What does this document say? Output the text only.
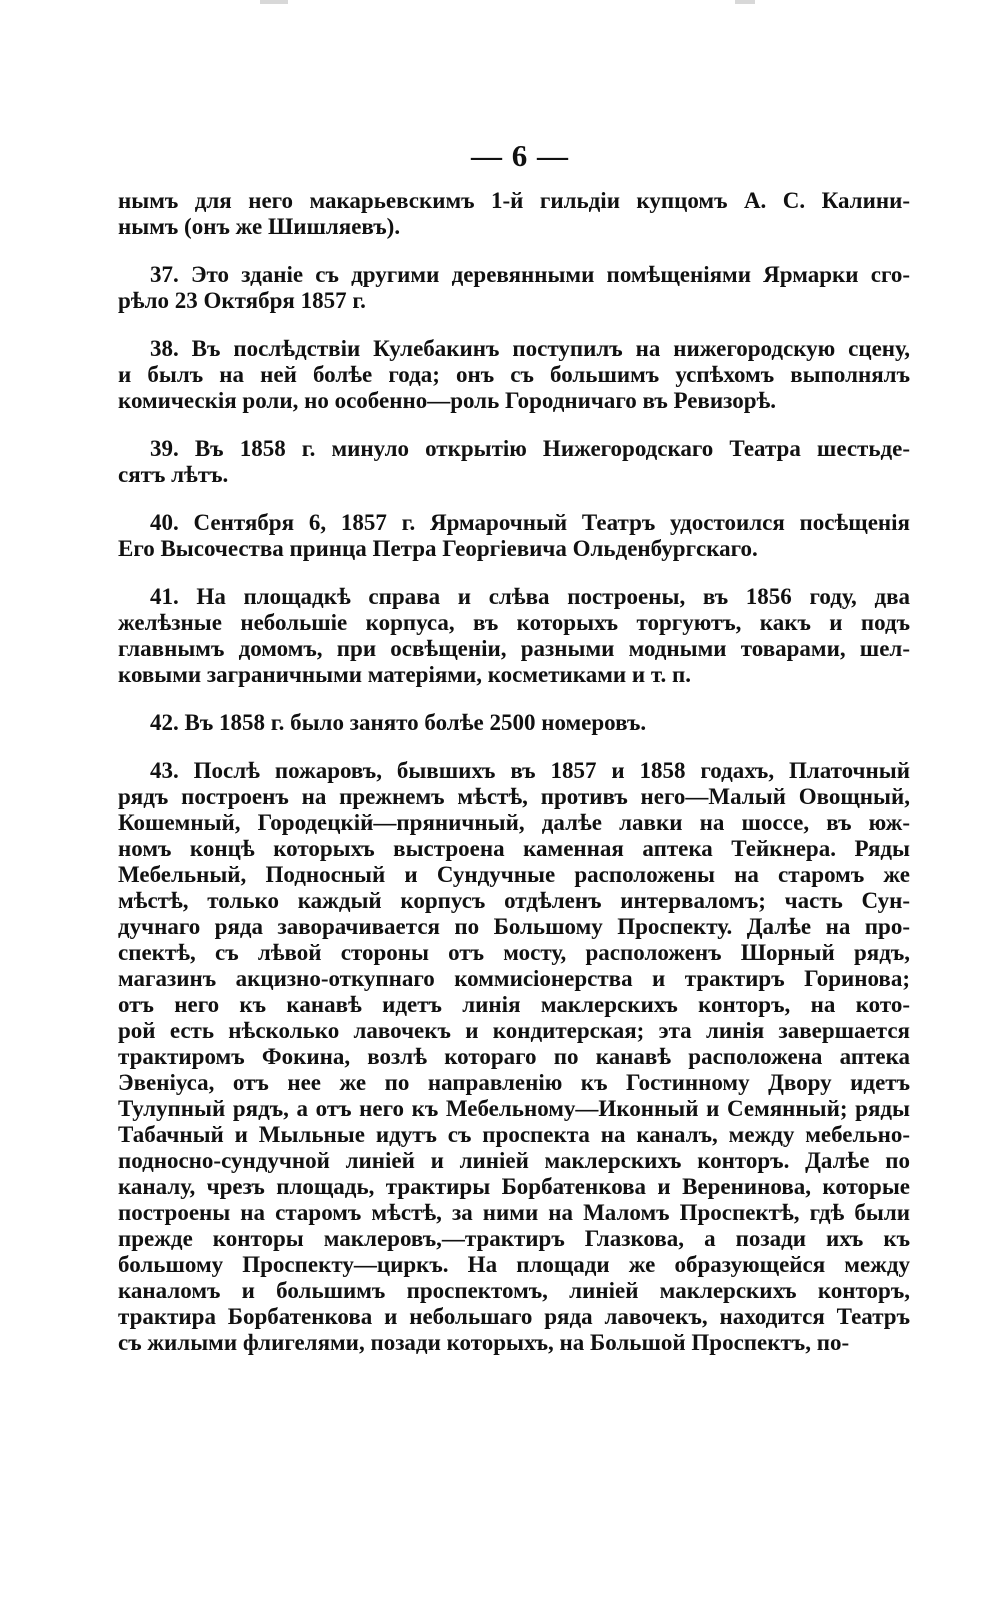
— 6 —
нымъ для него макарьевскимъ 1-й гильдіи купцомъ А. С. Калини-
нымъ (онъ же Шишляевъ).
37. Это зданіе съ другими деревянными помѣщеніями Ярмарки сго-
рѣло 23 Октября 1857 г.
38. Въ послѣдствіи Кулебакинъ поступилъ на нижегородскую сцену,
и былъ на ней болѣе года; онъ съ большимъ успѣхомъ выполнялъ
комическія роли, но особенно—роль Городничаго въ Ревизорѣ.
39. Въ 1858 г. минуло открытію Нижегородскаго Театра шестьде-
сятъ лѣтъ.
40. Сентября 6, 1857 г. Ярмарочный Театръ удостоился посѣщенія
Его Высочества принца Петра Георгіевича Ольденбургскаго.
41. На площадкѣ справа и слѣва построены, въ 1856 году, два
желѣзные небольшіе корпуса, въ которыхъ торгуютъ, какъ и подъ
главнымъ домомъ, при освѣщеніи, разными модными товарами, шел-
ковыми заграничными матеріями, косметиками и т. п.
42. Въ 1858 г. было занято болѣе 2500 номеровъ.
43. Послѣ пожаровъ, бывшихъ въ 1857 и 1858 годахъ, Платочный
рядъ построенъ на прежнемъ мѣстѣ, противъ него—Малый Овощный,
Кошемный, Городецкій—пряничный, далѣе лавки на шоссе, въ юж-
номъ концѣ которыхъ выстроена каменная аптека Тейкнера. Ряды
Мебельный, Подносный и Сундучные расположены на старомъ же
мѣстѣ, только каждый корпусъ отдѣленъ интерваломъ; часть Сун-
дучнаго ряда заворачивается по Большому Проспекту. Далѣе на про-
спектѣ, съ лѣвой стороны отъ мосту, расположенъ Шорный рядъ,
магазинъ акцизно-откупнаго коммисіонерства и трактиръ Горинова;
отъ него къ канавѣ идетъ линія маклерскихъ конторъ, на кото-
рой есть нѣсколько лавочекъ и кондитерская; эта линія завершается
трактиромъ Фокина, возлѣ котораго по канавѣ расположена аптека
Эвеніуса, отъ нее же по направленію къ Гостинному Двору идетъ
Тулупный рядъ, а отъ него къ Мебельному—Иконный и Семянный; ряды
Табачный и Мыльные идутъ съ проспекта на каналъ, между мебельно-
подносно-сундучной линіей и линіей маклерскихъ конторъ. Далѣе по
каналу, чрезъ площадь, трактиры Борбатенкова и Веренинова, которые
построены на старомъ мѣстѣ, за ними на Маломъ Проспектѣ, гдѣ были
прежде конторы маклеровъ,—трактиръ Глазкова, а позади ихъ къ
большому Проспекту—циркъ. На площади же образующейся между
каналомъ и большимъ проспектомъ, линіей маклерскихъ конторъ,
трактира Борбатенкова и небольшаго ряда лавочекъ, находится Театръ
съ жилыми флигелями, позади которыхъ, на Большой Проспектъ, по-
